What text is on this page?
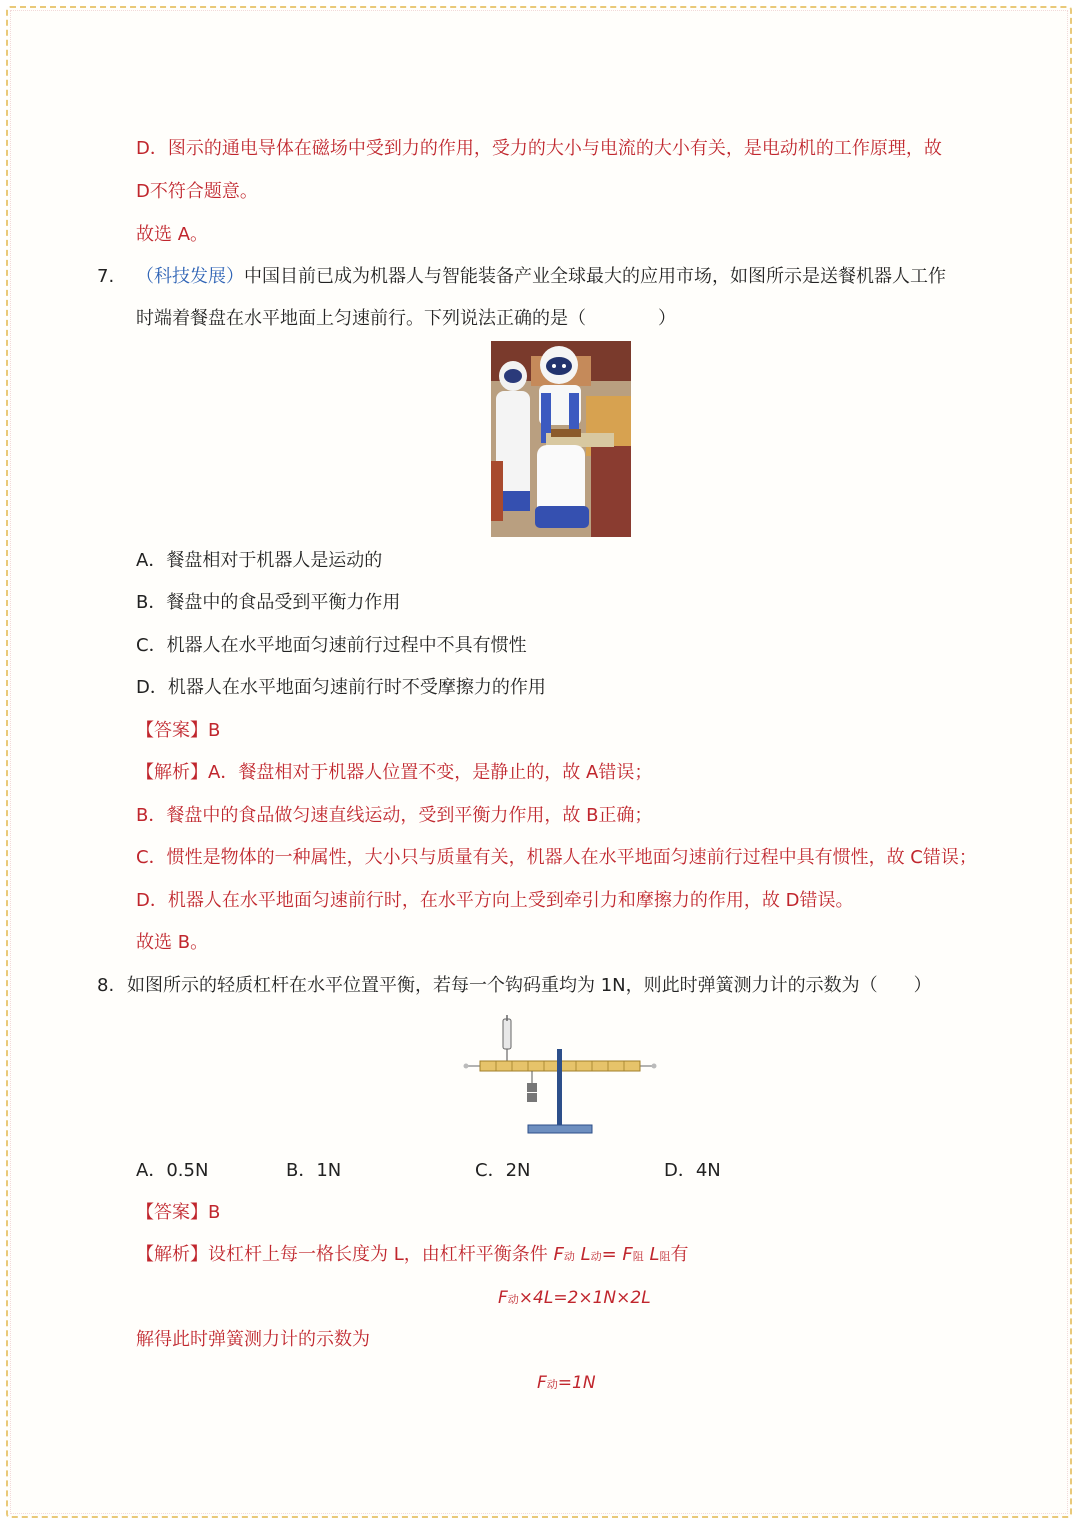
D．图示的通电导体在磁场中受到力的作用，受力的大小与电流的大小有关，是电动机的工作原理，故
D不符合题意。
故选 A。
7. （科技发展）中国目前已成为机器人与智能装备产业全球最大的应用市场，如图所示是送餐机器人工作
时端着餐盘在水平地面上匀速前行。下列说法正确的是（　　　　）
A．餐盘相对于机器人是运动的
B．餐盘中的食品受到平衡力作用
C．机器人在水平地面匀速前行过程中不具有惯性
D．机器人在水平地面匀速前行时不受摩擦力的作用
【答案】B
【解析】A．餐盘相对于机器人位置不变，是静止的，故 A错误；
B．餐盘中的食品做匀速直线运动，受到平衡力作用，故 B正确；
C．惯性是物体的一种属性，大小只与质量有关，机器人在水平地面匀速前行过程中具有惯性，故 C错误；
D．机器人在水平地面匀速前行时，在水平方向上受到牵引力和摩擦力的作用，故 D错误。
故选 B。
8. 如图所示的轻质杠杆在水平位置平衡，若每一个钩码重均为 1N，则此时弹簧测力计的示数为（　　）
A．0.5N	B．1N	C．2N	D．4N
【答案】B
【解析】设杠杆上每一格长度为 L，由杠杆平衡条件 F动 L动= F阻 L阻有
F动×4L=2×1N×2L
解得此时弹簧测力计的示数为
F动=1N
